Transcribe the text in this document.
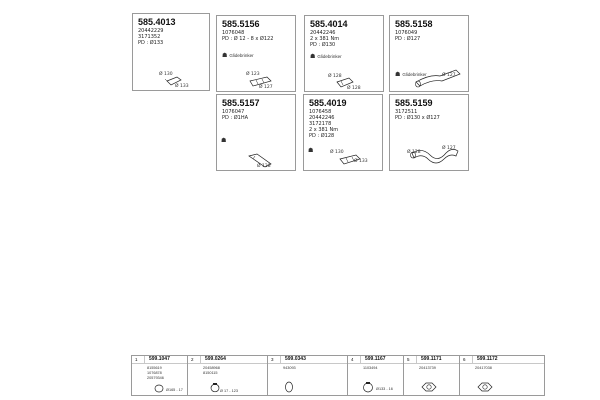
585.4013
20442229
3171352
PD : Ø133
Ø 130
Ø 133
585.5156
1076048
PD : Ø 12 - 8 x Ø122
☗ Glidebrinker
Ø 123
Ø 127
585.4014
20442246
2 x 381 Nm
PD : Ø130
☗ Glidebrinker
Ø 128
Ø 128
585.5158
1076049
PD : Ø127
☗ Glidebrinker	Ø 127
585.5157
1076047
PD : Ø1HA
☗
Ø 128
585.4019
1076458
20442246
3172178
2 x 381 Nm
PD : Ø128
☗	Ø 130
Ø 133
585.5159
3172511
PD : Ø130 x Ø127
Ø 128
Ø 127
1 599.1047
8155619
1076878
20579346
Ø165 - 17
2 599.0264
20458968
8150115
Ø 17 - 123
3 599.0343
943093
4 599.1167
1103494
Ø133 - 16
5 599.1171
20413739
6 599.1172
20417038
